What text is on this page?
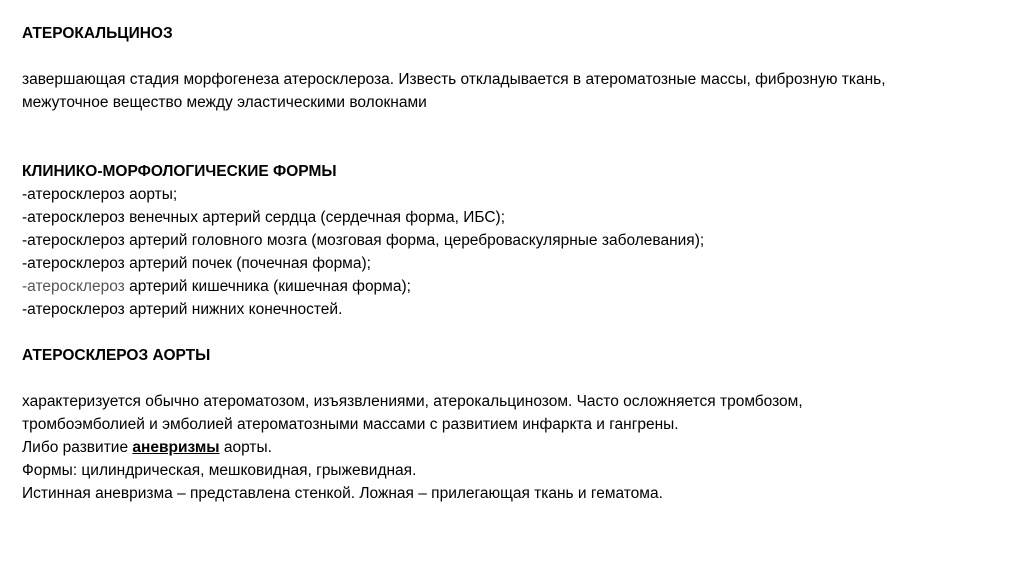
АТЕРОКАЛЬЦИНОЗ
завершающая стадия морфогенеза атеросклероза. Известь откладывается в атероматозные массы, фиброзную ткань,
межуточное вещество между эластическими волокнами
КЛИНИКО-МОРФОЛОГИЧЕСКИЕ ФОРМЫ
-атеросклероз аорты;
-атеросклероз венечных артерий сердца (сердечная форма, ИБС);
-атеросклероз артерий головного мозга (мозговая форма, цереброваскулярные заболевания);
-атеросклероз артерий почек (почечная форма);
-атеросклероз артерий кишечника (кишечная форма);
-атеросклероз артерий нижних конечностей.
АТЕРОСКЛЕРОЗ АОРТЫ
характеризуется обычно атероматозом, изъязвлениями, атерокальцинозом. Часто осложняется тромбозом,
тромбоэмболией и эмболией атероматозными массами с развитием инфаркта и гангрены.
Либо развитие аневризмы аорты.
Формы: цилиндрическая, мешковидная, грыжевидная.
Истинная аневризма – представлена стенкой. Ложная – прилегающая ткань и гематома.
